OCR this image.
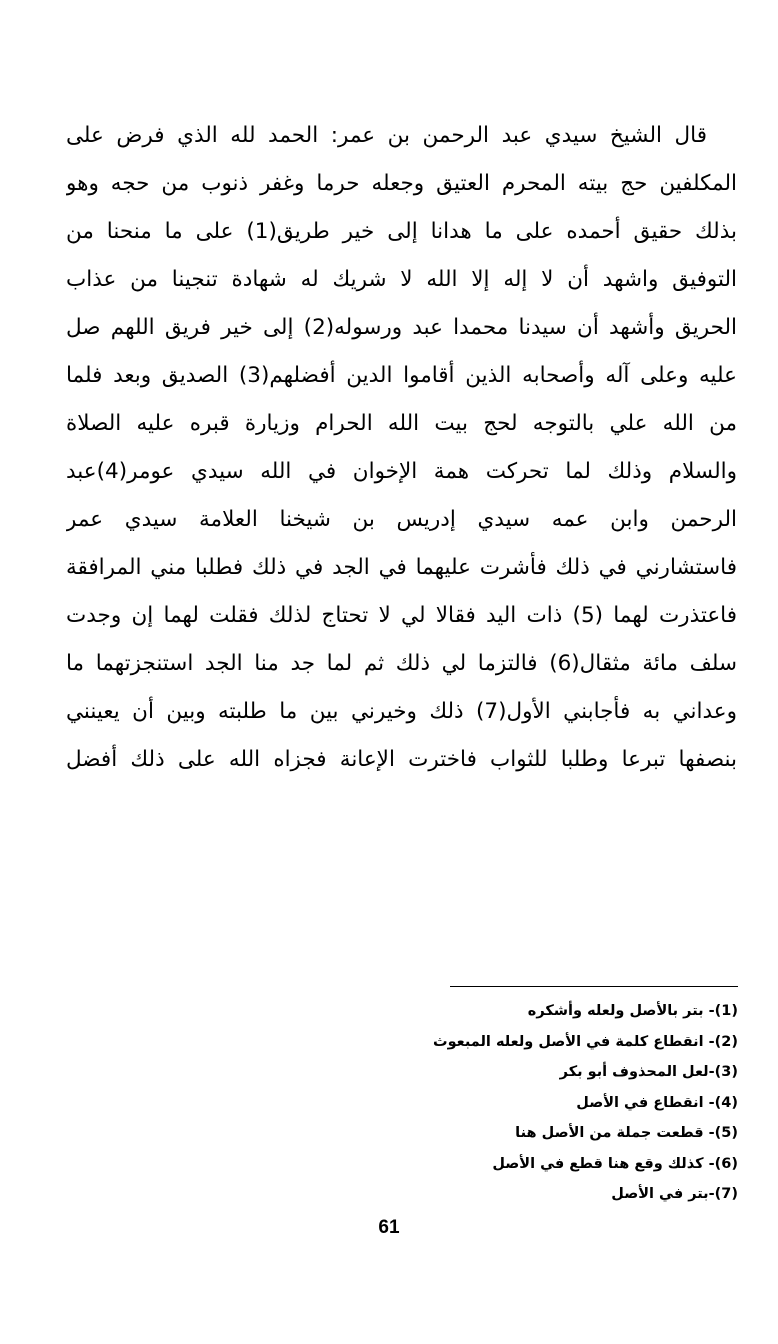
قال الشيخ سيدي عبد الرحمن بن عمر: الحمد لله الذي فرض على
المكلفين حج بيته المحرم العتيق وجعله حرما وغفر ذنوب من حجه وهو
بذلك حقيق أحمده على ما هدانا إلى خير طريق(1) على ما منحنا من
التوفيق واشهد أن لا إله إلا الله لا شريك له شهادة تنجينا من عذاب
الحريق وأشهد أن سيدنا محمدا عبد ورسوله(2) إلى خير فريق اللهم صل
عليه وعلى آله وأصحابه الذين أقاموا الدين أفضلهم(3) الصديق وبعد فلما
من الله علي بالتوجه لحج بيت الله الحرام وزيارة قبره عليه الصلاة
والسلام وذلك لما تحركت همة الإخوان في الله سيدي عومر(4)عبد
الرحمن وابن عمه سيدي إدريس بن شيخنا العلامة سيدي عمر
فاستشارني في ذلك فأشرت عليهما في الجد في ذلك فطلبا مني المرافقة
فاعتذرت لهما (5) ذات اليد فقالا لي لا تحتاج لذلك فقلت لهما إن وجدت
سلف مائة مثقال(6) فالتزما لي ذلك ثم لما جد منا الجد استنجزتهما ما
وعداني به فأجابني الأول(7) ذلك وخيرني بين ما طلبته وبين أن يعينني
بنصفها تبرعا وطلبا للثواب فاخترت الإعانة فجزاه الله على ذلك أفضل
(1)- بتر بالأصل ولعله وأشكره
(2)- انقطاع كلمة في الأصل ولعله المبعوث
(3)-لعل المحذوف أبو بكر
(4)- انقطاع في الأصل
(5)- قطعت جملة من الأصل هنا
(6)- كذلك وقع هنا قطع في الأصل
(7)-بتر في الأصل
61
